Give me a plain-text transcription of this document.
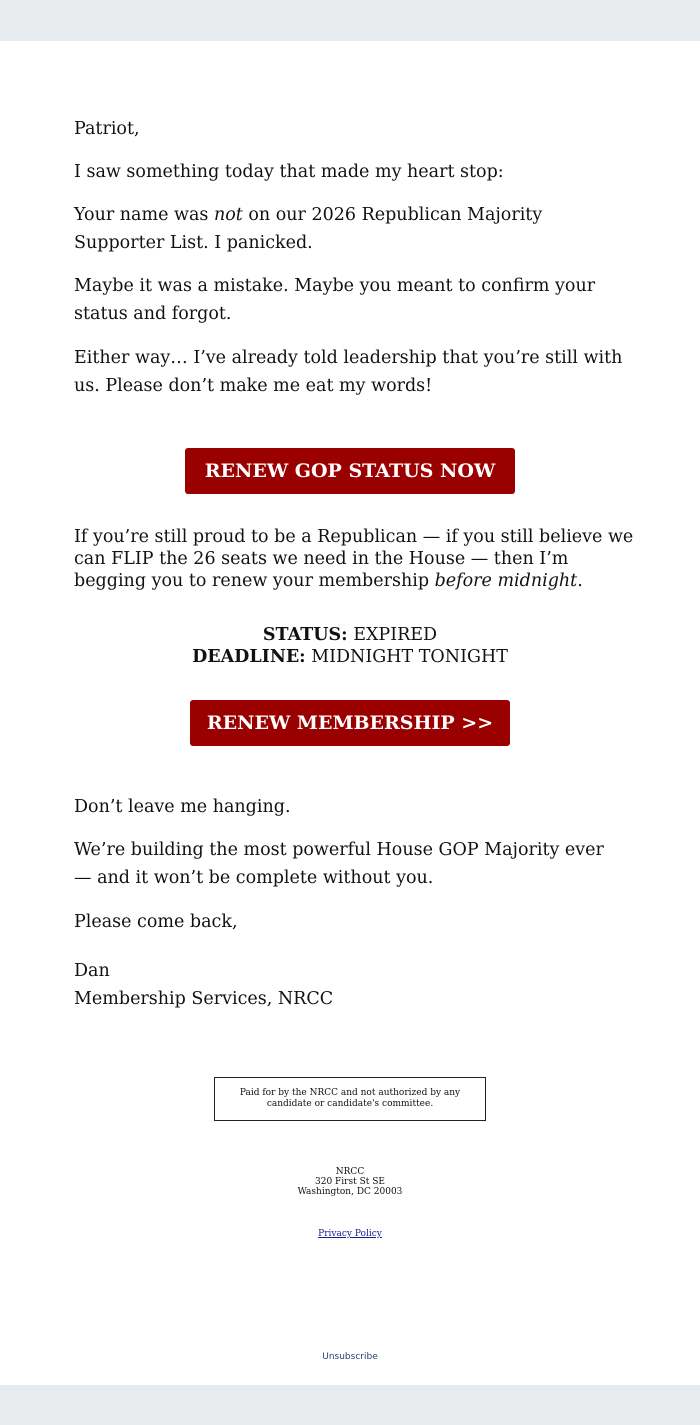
Patriot,

I saw something today that made my heart stop:

Your name was not on our 2026 Republican Majority Supporter List. I panicked.

Maybe it was a mistake. Maybe you meant to confirm your status and forgot.

Either way… I’ve already told leadership that you’re still with us. Please don’t make me eat my words!

If you’re still proud to be a Republican — if you still believe we can FLIP the 26 seats we need in the House — then I’m begging you to renew your membership before midnight.

STATUS: EXPIRED
DEADLINE: MIDNIGHT TONIGHT

Don’t leave me hanging.

We’re building the most powerful House GOP Majority ever — and it won’t be complete without you.

Please come back,

Dan

Membership Services, NRCC

RENEW GOP STATUS NOW
RENEW MEMBERSHIP >>
Paid for by the NRCC and not authorized by any candidate or candidate's committee.
NRCC
320 First St SE
Washington, DC 20003
Privacy Policy
Unsubscribe
